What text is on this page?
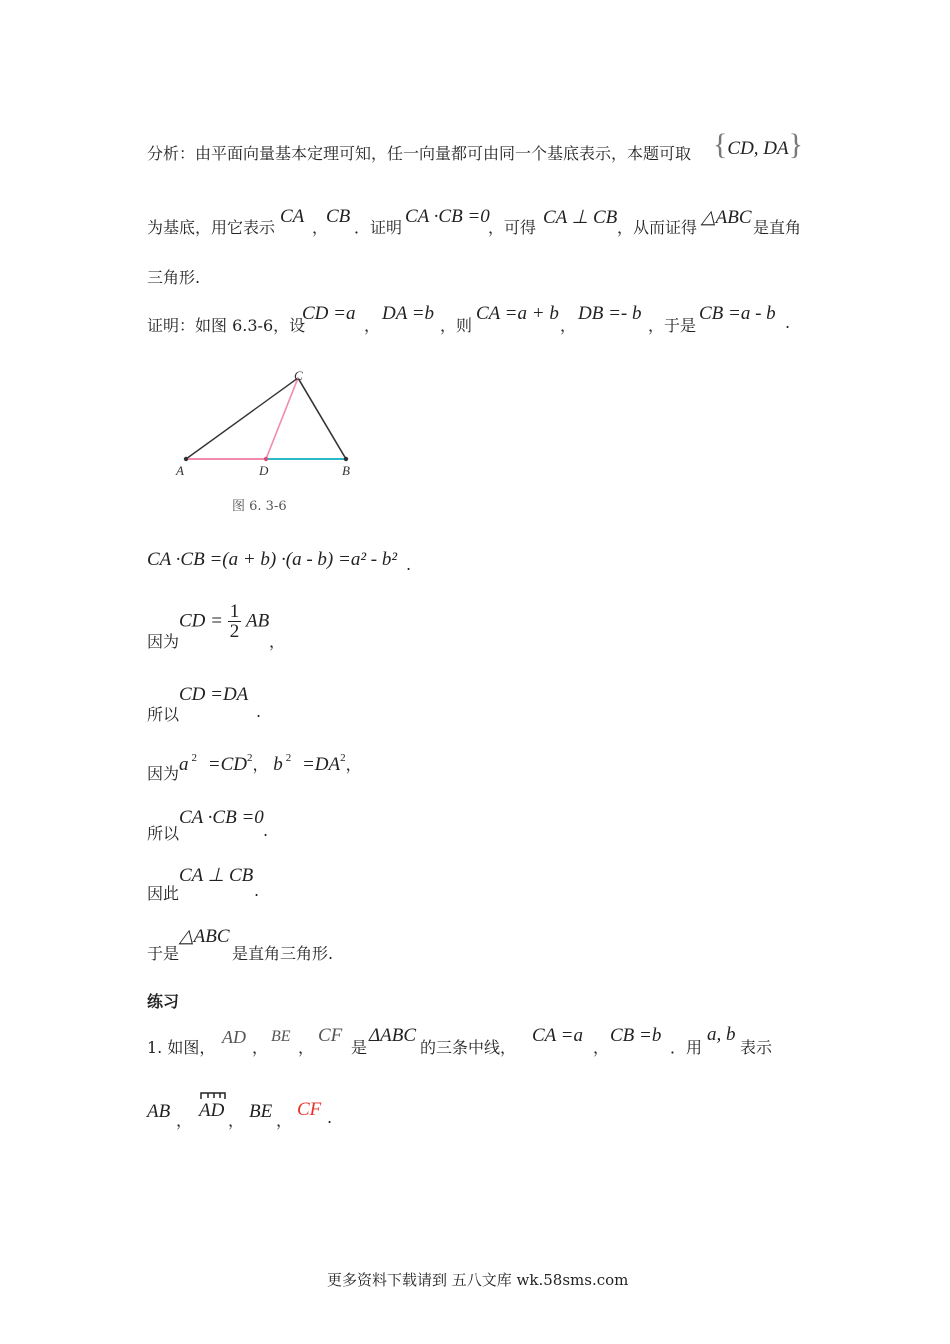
分析：由平面向量基本定理可知，任一向量都可由同一个基底表示，本题可取 {CD, DA}
为基底，用它表示
CA
，
CB
．证明
CA ·CB =0
，可得 CA ⊥ CB ，从而证得 △ABC 是直角
三角形.
证明：如图 6.3-6，设
CD =a
，
DA =b
，则
CA =a + b
，
DB =- b
，于是
CB =a - b .
A	D	B
C
图 6. 3-6
CA ·CB =(a + b) ·(a - b) =a² - b² .
因为
CD = $\frac{1}{2}$ AB
，
所以
CD =DA
.
因为 a $^2 =CD^2$， b $^2 =DA^2$，
所以
CA ·CB =0
.
因此
CA ⊥ CB
.
于是
△ABC
是直角三角形.
练习
1. 如图，
AD
，
BE
，
CF
是
ΔABC
的三条中线，
CA =a
，
CB =b
．用
a, b
表示
AB ， AD ， BE ，
CF .
更多资料下载请到 五八文库 wk.58sms.com
